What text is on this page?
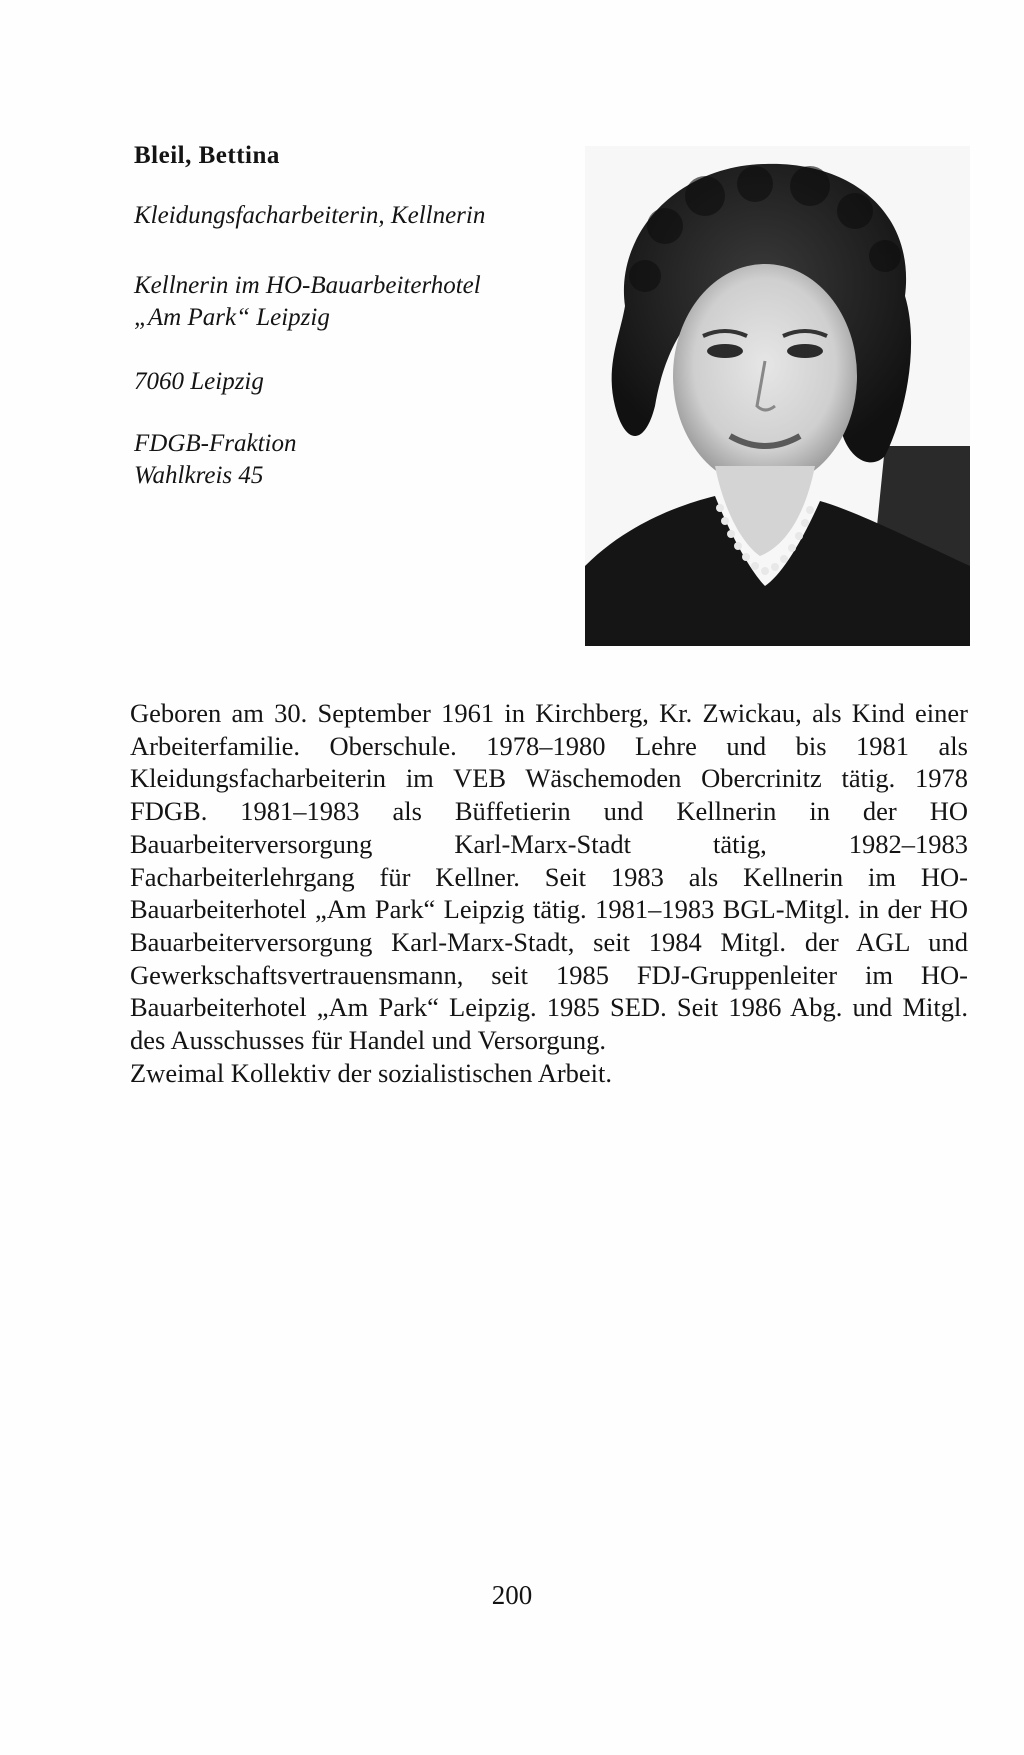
Bleil, Bettina
Kleidungsfacharbeiterin, Kellnerin
Kellnerin im HO-Bauarbeiterhotel
„Am Park“ Leipzig
7060 Leipzig
FDGB-Fraktion
Wahlkreis 45
Geboren am 30. September 1961 in Kirchberg, Kr. Zwickau, als Kind einer Arbeiterfamilie. Oberschule. 1978–1980 Lehre und bis 1981 als Kleidungsfacharbeiterin im VEB Wäschemoden Obercrinitz tätig. 1978 FDGB. 1981–1983 als Büffetierin und Kellnerin in der HO Bauarbeiterversorgung Karl-Marx-Stadt tätig, 1982–1983 Facharbeiterlehrgang für Kellner. Seit 1983 als Kellnerin im HO-Bauarbeiterhotel „Am Park“ Leipzig tätig. 1981–1983 BGL-Mitgl. in der HO Bauarbeiterversorgung Karl-Marx-Stadt, seit 1984 Mitgl. der AGL und Gewerkschaftsvertrauensmann, seit 1985 FDJ-Gruppenleiter im HO-Bauarbeiterhotel „Am Park“ Leipzig. 1985 SED. Seit 1986 Abg. und Mitgl. des Ausschusses für Handel und Versorgung.
Zweimal Kollektiv der sozialistischen Arbeit.
200
